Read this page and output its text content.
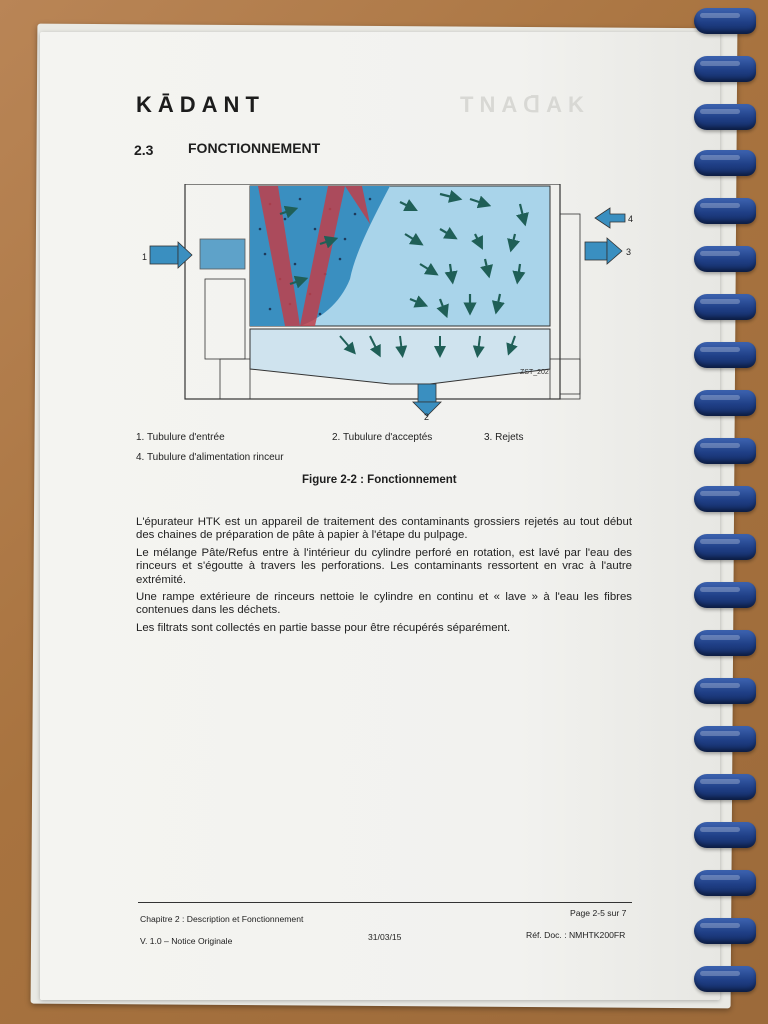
TNAᗡ̄AK
KĀDANT
2.3 FONCTIONNEMENT
1	3
4
2
ZST_202
1. Tubulure d'entrée	2. Tubulure d'acceptés	3. Rejets
4. Tubulure d'alimentation rinceur
Figure 2-2 : Fonctionnement

L'épurateur HTK est un appareil de traitement des contaminants grossiers rejetés au tout début des chaines de préparation de pâte à papier à l'étape du pulpage.

Le mélange Pâte/Refus entre à l'intérieur du cylindre perforé en rotation, est lavé par l'eau des rinceurs et s'égoutte à travers les perforations. Les contaminants ressortent en vrac à l'autre extrémité.

Une rampe extérieure de rinceurs nettoie le cylindre en continu et « lave » à l'eau les fibres contenues dans les déchets.

Les filtrats sont collectés en partie basse pour être récupérés séparément.

Chapitre 2 : Description et Fonctionnement
Page 2-5 sur 7
V. 1.0 – Notice Originale	31/03/15	Réf. Doc. : NMHTK200FR
